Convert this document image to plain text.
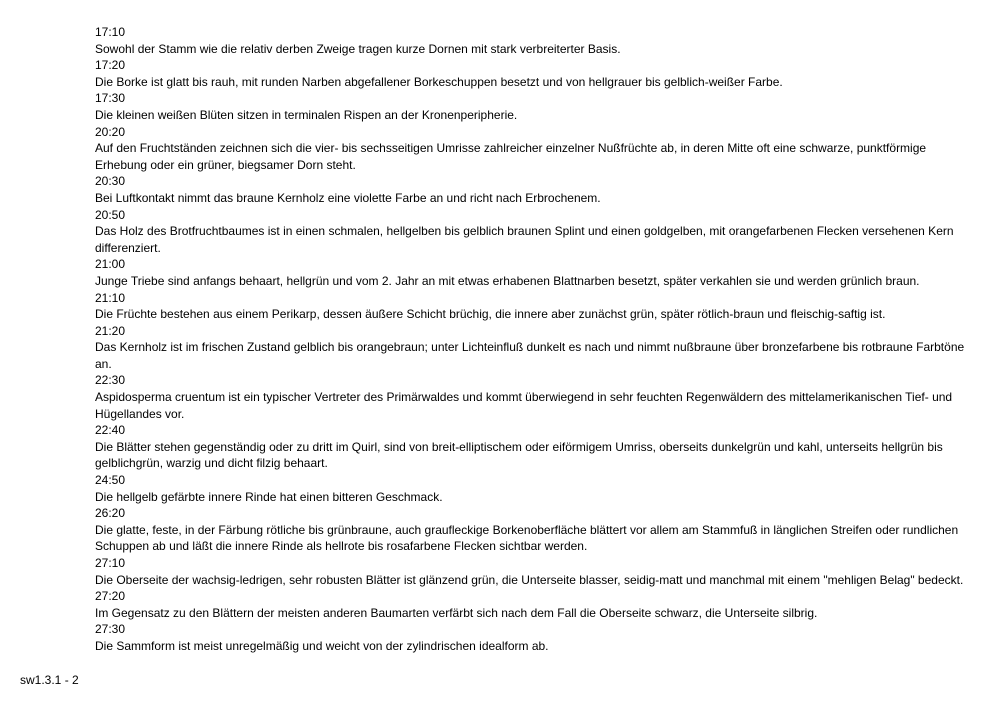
17:10

Sowohl der Stamm wie die relativ derben Zweige tragen kurze Dornen mit stark verbreiterter Basis.

17:20

Die Borke ist glatt bis rauh, mit runden Narben abgefallener Borkeschuppen besetzt und von hellgrauer bis gelblich-weißer Farbe.

17:30

Die kleinen weißen Blüten sitzen in terminalen Rispen an der Kronenperipherie.

20:20

Auf den Fruchtständen zeichnen sich die vier- bis sechsseitigen Umrisse zahlreicher einzelner Nußfrüchte ab, in deren Mitte oft eine schwarze, punktförmige Erhebung oder ein grüner, biegsamer Dorn steht.

20:30

Bei Luftkontakt nimmt das braune Kernholz eine violette Farbe an und richt nach Erbrochenem.

20:50

Das Holz des Brotfruchtbaumes ist in einen schmalen, hellgelben bis gelblich braunen Splint und einen goldgelben, mit orangefarbenen Flecken versehenen Kern differenziert.

21:00

Junge Triebe sind anfangs behaart, hellgrün und vom 2. Jahr an mit etwas erhabenen Blattnarben besetzt, später verkahlen sie und werden grünlich braun.

21:10

Die Früchte bestehen aus einem Perikarp, dessen äußere Schicht brüchig, die innere aber zunächst grün, später rötlich-braun und fleischig-saftig ist.

21:20

Das Kernholz ist im frischen Zustand gelblich bis orangebraun; unter Lichteinfluß dunkelt es nach und nimmt nußbraune über bronzefarbene bis rotbraune Farbtöne an.

22:30

Aspidosperma cruentum ist ein typischer Vertreter des Primärwaldes und kommt überwiegend in sehr feuchten Regenwäldern des mittelamerikanischen Tief- und Hügellandes vor.

22:40

Die Blätter stehen gegenständig oder zu dritt im Quirl, sind von breit-elliptischem oder eiförmigem Umriss, oberseits dunkelgrün und kahl, unterseits hellgrün bis gelblichgrün, warzig und dicht filzig behaart.

24:50

Die hellgelb gefärbte innere Rinde hat einen bitteren Geschmack.

26:20

Die glatte, feste, in der Färbung rötliche bis grünbraune, auch graufleckige Borkenoberfläche blättert vor allem am Stammfuß in länglichen Streifen oder rundlichen Schuppen ab und läßt die innere Rinde als hellrote bis rosafarbene Flecken sichtbar werden.

27:10

Die Oberseite der wachsig-ledrigen, sehr robusten Blätter ist glänzend grün, die Unterseite blasser, seidig-matt und manchmal mit einem "mehligen Belag" bedeckt.

27:20

Im Gegensatz zu den Blättern der meisten anderen Baumarten verfärbt sich nach dem Fall die Oberseite schwarz, die Unterseite silbrig.

27:30

Die Sammform ist meist unregelmäßig und weicht von der zylindrischen idealform ab.

sw1.3.1 - 2
